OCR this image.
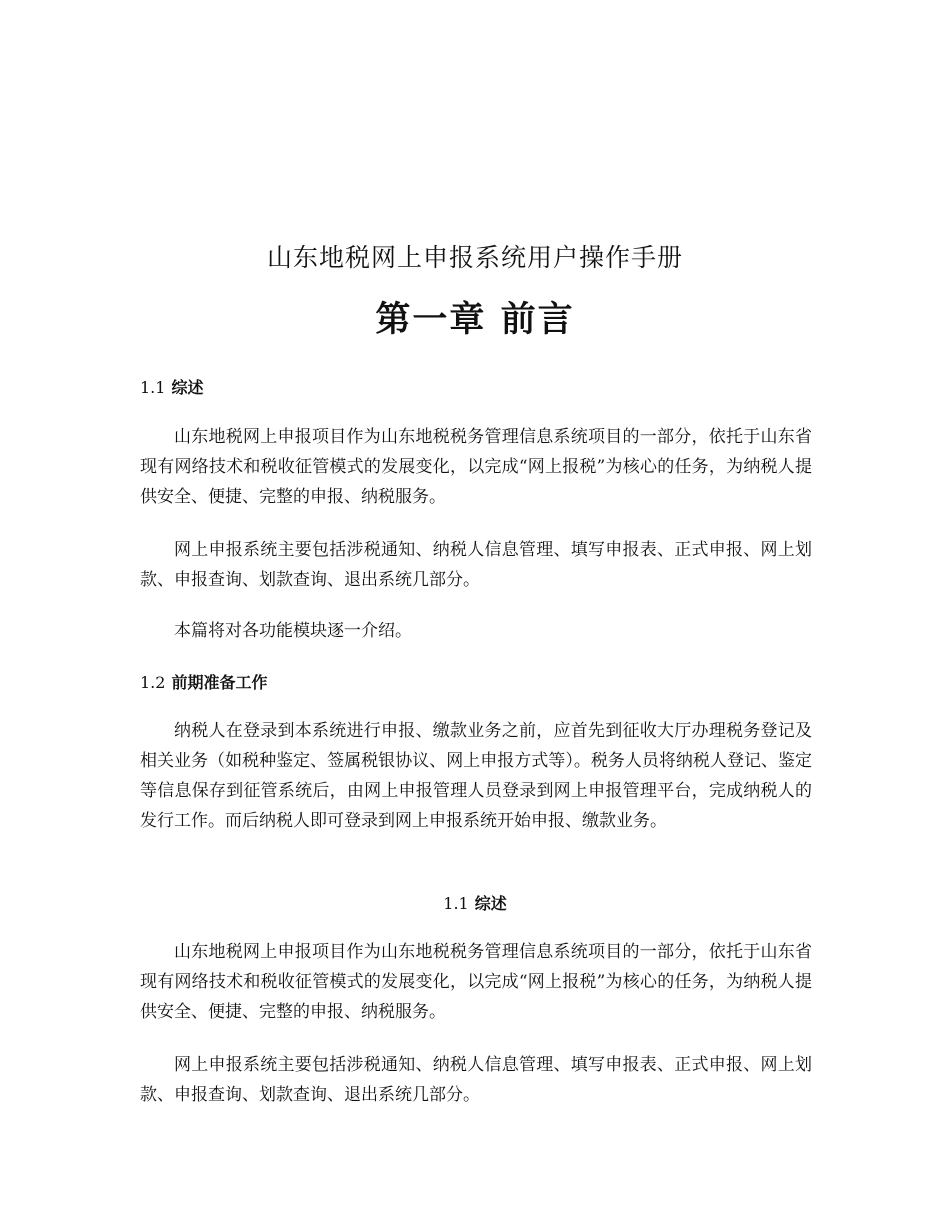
山东地税网上申报系统用户操作手册
第一章 前言
1.1 综述

山东地税网上申报项目作为山东地税税务管理信息系统项目的一部分，依托于山东省现有网络技术和税收征管模式的发展变化，以完成“网上报税”为核心的任务，为纳税人提供安全、便捷、完整的申报、纳税服务。

网上申报系统主要包括涉税通知、纳税人信息管理、填写申报表、正式申报、网上划款、申报查询、划款查询、退出系统几部分。

本篇将对各功能模块逐一介绍。

1.2 前期准备工作

纳税人在登录到本系统进行申报、缴款业务之前，应首先到征收大厅办理税务登记及相关业务（如税种鉴定、签属税银协议、网上申报方式等）。税务人员将纳税人登记、鉴定等信息保存到征管系统后，由网上申报管理人员登录到网上申报管理平台，完成纳税人的发行工作。而后纳税人即可登录到网上申报系统开始申报、缴款业务。

1.1 综述

山东地税网上申报项目作为山东地税税务管理信息系统项目的一部分，依托于山东省现有网络技术和税收征管模式的发展变化，以完成“网上报税”为核心的任务，为纳税人提供安全、便捷、完整的申报、纳税服务。

网上申报系统主要包括涉税通知、纳税人信息管理、填写申报表、正式申报、网上划款、申报查询、划款查询、退出系统几部分。
